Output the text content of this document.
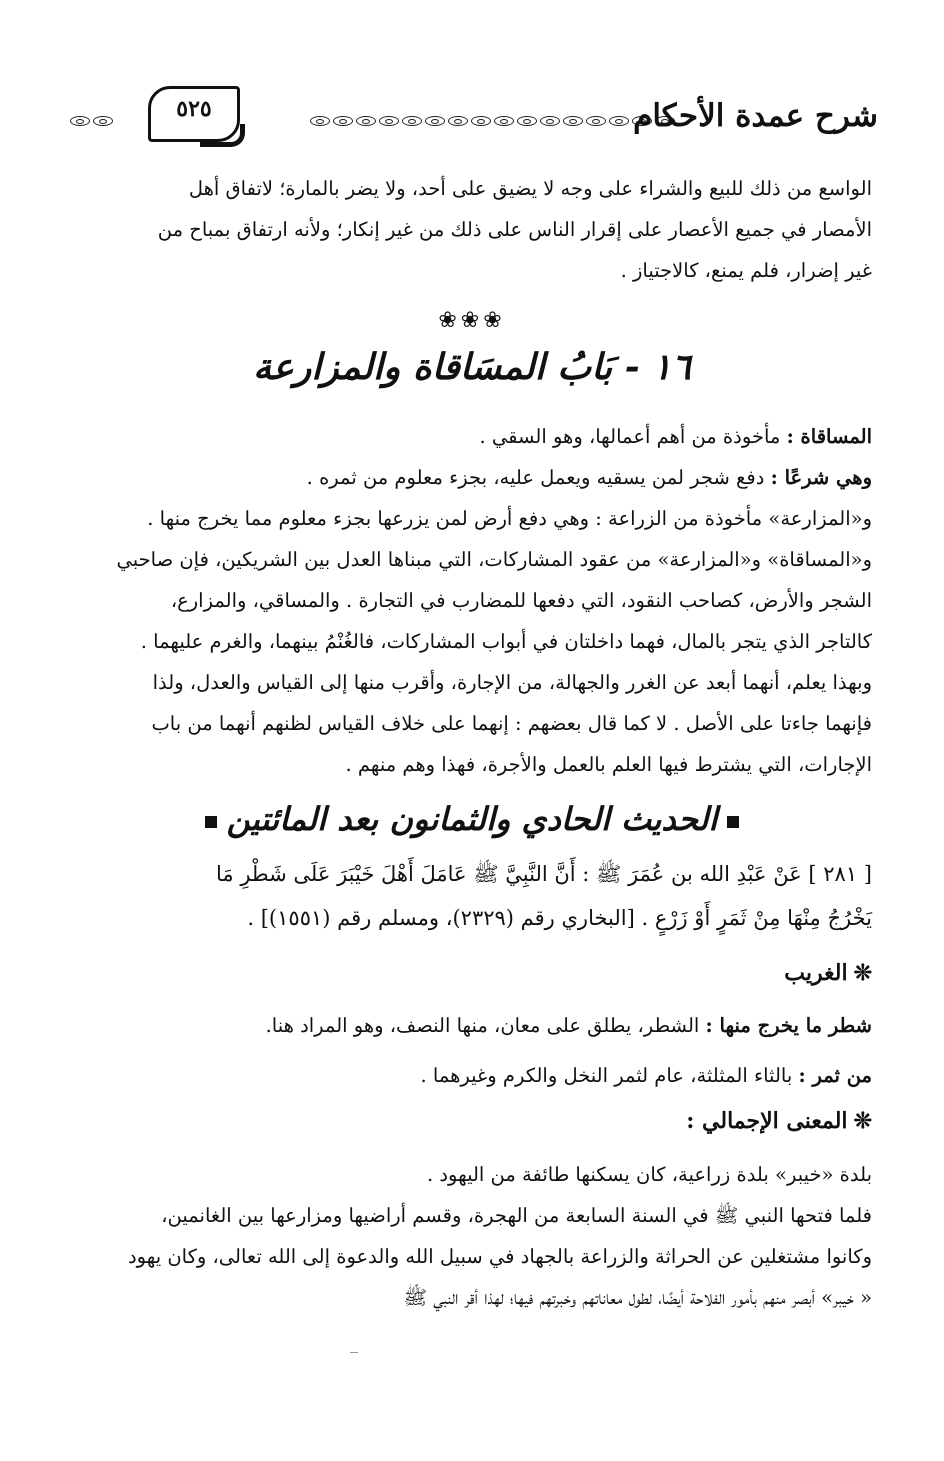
٥٢٥	شرح عمدة الأحكام

الواسع من ذلك للبيع والشراء على وجه لا يضيق على أحد، ولا يضر بالمارة؛ لاتفاق أهل

الأمصار في جميع الأعصار على إقرار الناس على ذلك من غير إنكار؛ ولأنه ارتفاق بمباح من

غير إضرار، فلم يمنع، كالاجتياز .

❀❀❀
١٦ - بَابُ المسَاقاة والمزارعة

المساقاة : مأخوذة من أهم أعمالها، وهو السقي .

وهي شرعًا : دفع شجر لمن يسقيه ويعمل عليه، بجزء معلوم من ثمره .

و«المزارعة» مأخوذة من الزراعة : وهي دفع أرض لمن يزرعها بجزء معلوم مما يخرج منها .

و«المساقاة» و«المزارعة» من عقود المشاركات، التي مبناها العدل بين الشريكين، فإن صاحبي

الشجر والأرض، كصاحب النقود، التي دفعها للمضارب في التجارة . والمساقي، والمزارع،

كالتاجر الذي يتجر بالمال، فهما داخلتان في أبواب المشاركات، فالغُنْمُ بينهما، والغرم عليهما .

وبهذا يعلم، أنهما أبعد عن الغرر والجهالة، من الإجارة، وأقرب منها إلى القياس والعدل، ولذا

فإنهما جاءتا على الأصل . لا كما قال بعضهم : إنهما على خلاف القياس لظنهم أنهما من باب

الإجارات، التي يشترط فيها العلم بالعمل والأجرة، فهذا وهم منهم .

الحديث الحادي والثمانون بعد المائتين

[ ٢٨١ ] عَنْ عَبْدِ الله بن عُمَرَ ﷺ : أَنَّ النَّبِيَّ ﷺ عَامَلَ أَهْلَ خَيْبَرَ عَلَى شَطْرِ مَا

يَخْرُجُ مِنْهَا مِنْ ثَمَرٍ أَوْ زَرْعٍ . [البخاري رقم (٢٣٢٩)، ومسلم رقم (١٥٥١)] .

❊الغريب
شطر ما يخرج منها : الشطر، يطلق على معان، منها النصف، وهو المراد هنا.
من ثمر : بالثاء المثلثة، عام لثمر النخل والكرم وغيرهما .
❊المعنى الإجمالي :

بلدة «خيبر» بلدة زراعية، كان يسكنها طائفة من اليهود .

فلما فتحها النبي ﷺ في السنة السابعة من الهجرة، وقسم أراضيها ومزارعها بين الغانمين،

وكانوا مشتغلين عن الحراثة والزراعة بالجهاد في سبيل الله والدعوة إلى الله تعالى، وكان يهود

« خيبر» أبصر منهم بأمور الفلاحة أيضًا، لطول معاناتهم وخبرتهم فيها؛ لهذا أقر النبي ﷺ
